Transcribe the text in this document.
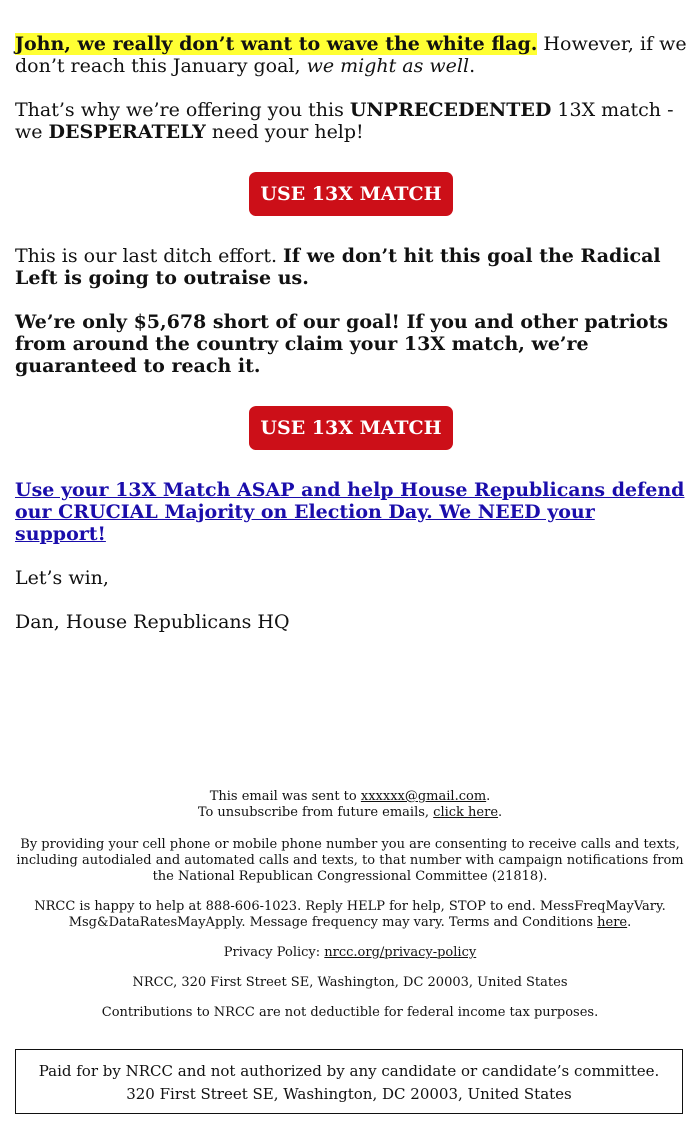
John, we really don’t want to wave the white flag. However, if we don’t reach this January goal, we might as well.

That’s why we’re offering you this UNPRECEDENTED 13X match - we DESPERATELY need your help!

USE 13X MATCH

This is our last ditch effort. If we don’t hit this goal the Radical Left is going to outraise us.

We’re only $5,678 short of our goal! If you and other patriots from around the country claim your 13X match, we’re guaranteed to reach it.

USE 13X MATCH

Use your 13X Match ASAP and help House Republicans defend our CRUCIAL Majority on Election Day. We NEED your support!

Let’s win,

Dan, House Republicans HQ

This email was sent to xxxxxx@gmail.com.

To unsubscribe from future emails, click here.

By providing your cell phone or mobile phone number you are consenting to receive calls and texts, including autodialed and automated calls and texts, to that number with campaign notifications from the National Republican Congressional Committee (21818).

NRCC is happy to help at 888-606-1023. Reply HELP for help, STOP to end. MessFreqMayVary. Msg&DataRatesMayApply. Message frequency may vary. Terms and Conditions here.

Privacy Policy: nrcc.org/privacy-policy

NRCC, 320 First Street SE, Washington, DC 20003, United States

Contributions to NRCC are not deductible for federal income tax purposes.

Paid for by NRCC and not authorized by any candidate or candidate’s committee. 320 First Street SE, Washington, DC 20003, United States
